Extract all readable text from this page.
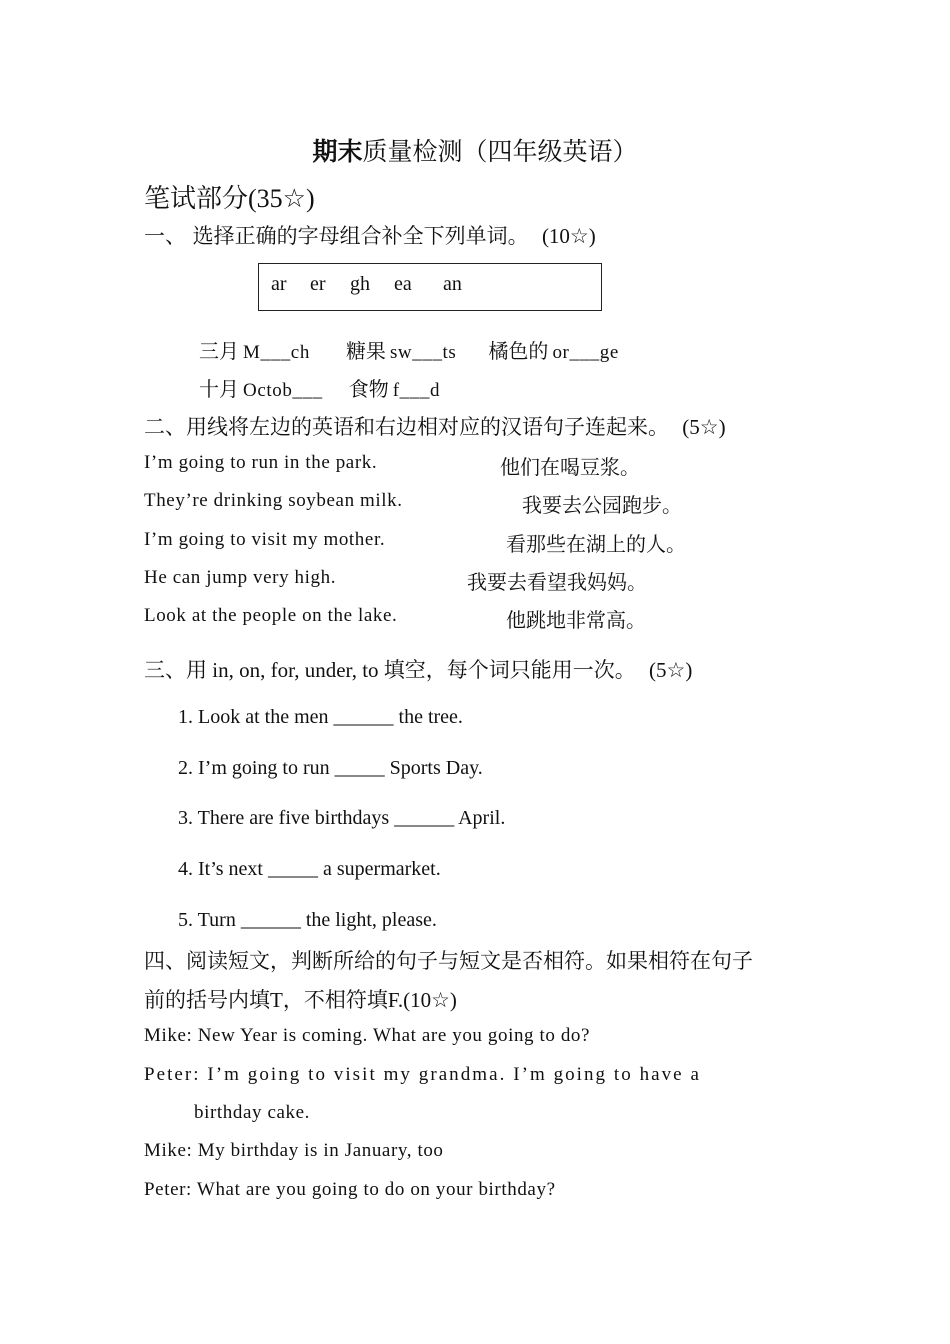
期末质量检测（四年级英语）
笔试部分(35☆)
一、 选择正确的字母组合补全下列单词。 (10☆)
ar er gh ea an
三月 M___ch 糖果 sw___ts 橘色的 or___ge
十月 Octob___ 食物 f___d
二、用线将左边的英语和右边相对应的汉语句子连起来。 (5☆)
I’m going to run in the park.
They’re drinking soybean milk.
I’m going to visit my mother.
He can jump very high.
Look at the people on the lake.
他们在喝豆浆。
我要去公园跑步。
看那些在湖上的人。
我要去看望我妈妈。
他跳地非常高。
三、用 in, on, for, under, to 填空，每个词只能用一次。 (5☆)
1. Look at the men ______ the tree.
2. I’m going to run _____ Sports Day.
3. There are five birthdays ______ April.
4. It’s next _____ a supermarket.
5. Turn ______ the light, please.
四、阅读短文，判断所给的句子与短文是否相符。如果相符在句子
前的括号内填T，不相符填F.(10☆)
Mike: New Year is coming. What are you going to do?
Peter: I’m going to visit my grandma. I’m going to have a
birthday cake.
Mike: My birthday is in January, too
Peter: What are you going to do on your birthday?
